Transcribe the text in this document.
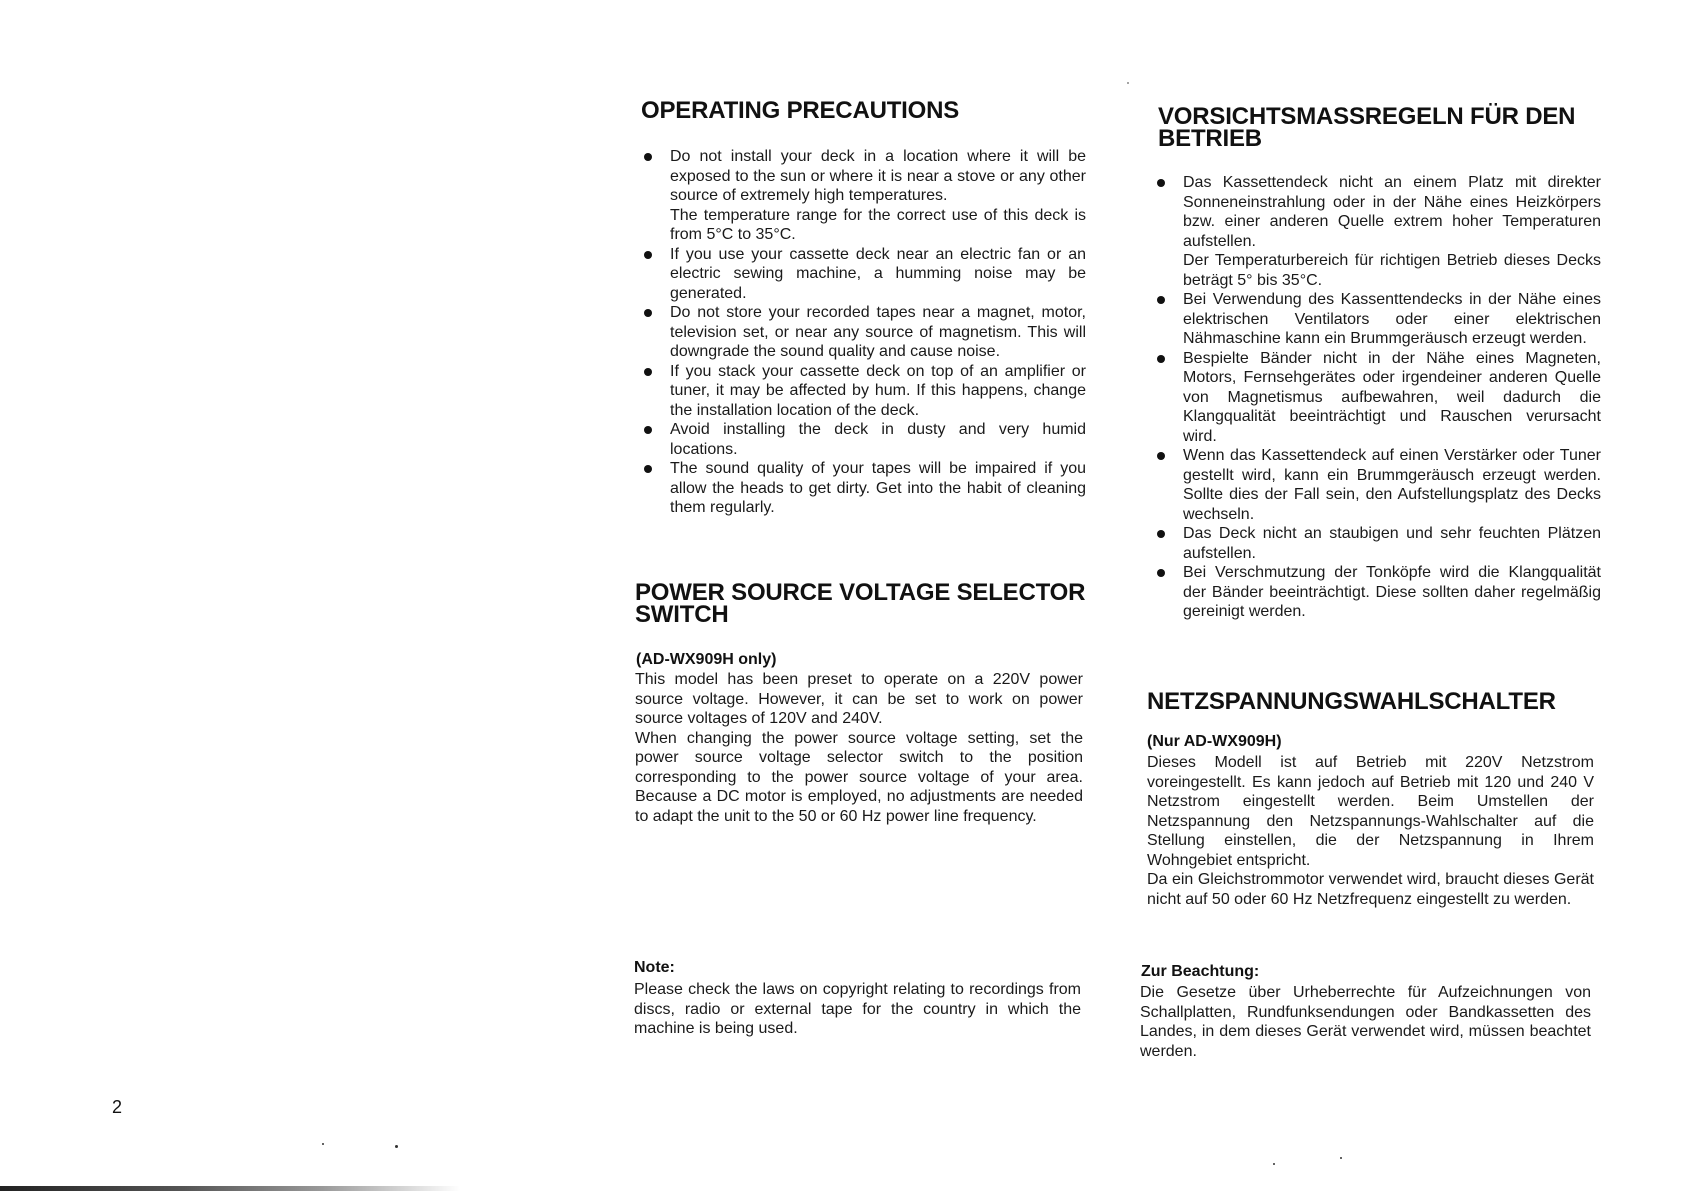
OPERATING PRECAUTIONS

Do not install your deck in a location where it will be exposed to the sun or where it is near a stove or any other source of extremely high temperatures.
The temperature range for the correct use of this deck is from 5°C to 35°C.

If you use your cassette deck near an electric fan or an electric sewing machine, a humming noise may be generated.

Do not store your recorded tapes near a magnet, motor, television set, or near any source of magnetism. This will downgrade the sound quality and cause noise.

If you stack your cassette deck on top of an amplifier or tuner, it may be affected by hum. If this happens, change the installation location of the deck.

Avoid installing the deck in dusty and very humid locations.

The sound quality of your tapes will be impaired if you allow the heads to get dirty. Get into the habit of cleaning them regularly.

POWER SOURCE VOLTAGE SELECTOR SWITCH

(AD-WX909H only)

This model has been preset to operate on a 220V power source voltage. However, it can be set to work on power source voltages of 120V and 240V.
When changing the power source voltage setting, set the power source voltage selector switch to the position corresponding to the power source voltage of your area. Because a DC motor is employed, no adjustments are needed to adapt the unit to the 50 or 60 Hz power line frequency.

Note:

Please check the laws on copyright relating to recordings from discs, radio or external tape for the country in which the machine is being used.

VORSICHTSMASSREGELN FÜR DEN BETRIEB

Das Kassettendeck nicht an einem Platz mit direkter Sonneneinstrahlung oder in der Nähe eines Heizkörpers bzw. einer anderen Quelle extrem hoher Temperaturen aufstellen.
Der Temperaturbereich für richtigen Betrieb dieses Decks beträgt 5° bis 35°C.

Bei Verwendung des Kassenttendecks in der Nähe eines elektrischen Ventilators oder einer elektrischen Nähmaschine kann ein Brummgeräusch erzeugt werden.

Bespielte Bänder nicht in der Nähe eines Magneten, Motors, Fernsehgerätes oder irgendeiner anderen Quelle von Magnetismus aufbewahren, weil dadurch die Klangqualität beeinträchtigt und Rauschen verursacht wird.

Wenn das Kassettendeck auf einen Verstärker oder Tuner gestellt wird, kann ein Brummgeräusch erzeugt werden. Sollte dies der Fall sein, den Aufstellungsplatz des Decks wechseln.

Das Deck nicht an staubigen und sehr feuchten Plätzen aufstellen.

Bei Verschmutzung der Tonköpfe wird die Klangqualität der Bänder beeinträchtigt. Diese sollten daher regelmäßig gereinigt werden.

NETZSPANNUNGSWAHLSCHALTER

(Nur AD-WX909H)

Dieses Modell ist auf Betrieb mit 220V Netzstrom voreingestellt. Es kann jedoch auf Betrieb mit 120 und 240 V Netzstrom eingestellt werden. Beim Umstellen der Netzspannung den Netzspannungs-Wahlschalter auf die Stellung einstellen, die der Netzspannung in Ihrem Wohngebiet entspricht.
Da ein Gleichstrommotor verwendet wird, braucht dieses Gerät nicht auf 50 oder 60 Hz Netzfrequenz eingestellt zu werden.

Zur Beachtung:

Die Gesetze über Urheberrechte für Aufzeichnungen von Schallplatten, Rundfunksendungen oder Bandkassetten des Landes, in dem dieses Gerät verwendet wird, müssen beachtet werden.

2
